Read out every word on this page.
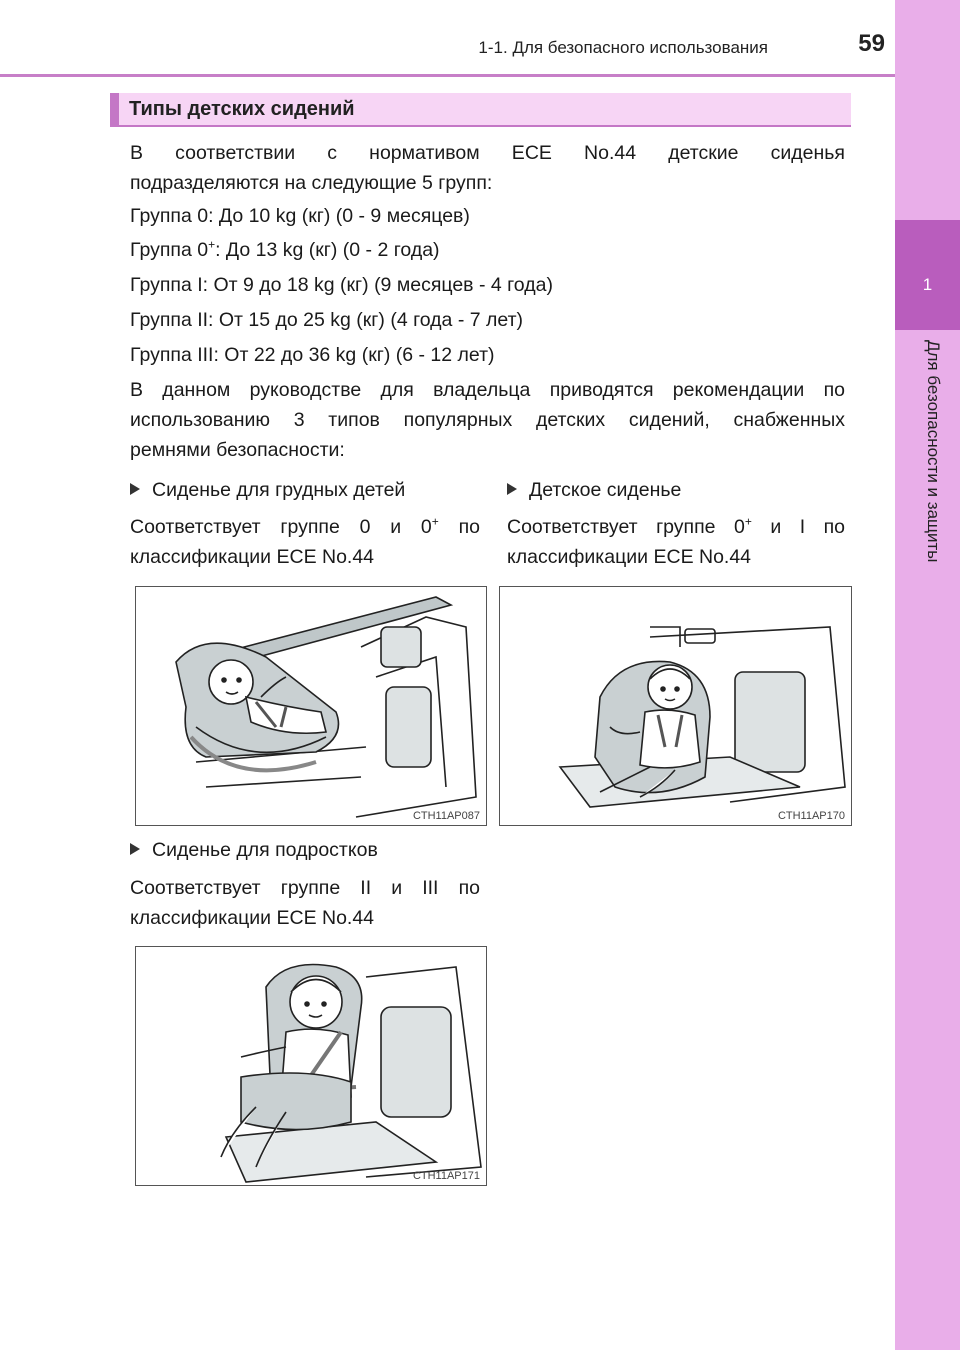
1-1. Для безопасного использования	59
1
Для безопасности и защиты
Типы детских сидений
В соответствии с нормативом ECE No.44 детские сиденья
подразделяются на следующие 5 групп:
Группа 0: До 10 kg (кг) (0 - 9 месяцев)
Группа 0+: До 13 kg (кг) (0 - 2 года)
Группа I: От 9 до 18 kg (кг) (9 месяцев - 4 года)
Группа II: От 15 до 25 kg (кг) (4 года - 7 лет)
Группа III: От 22 до 36 kg (кг) (6 - 12 лет)
В данном руководстве для владельца приводятся рекомендации по
использованию 3 типов популярных детских сидений, снабженных
ремнями безопасности:
Сиденье для грудных детей
Соответствует группе 0 и 0+ по
классификации ECE No.44
Детское сиденье
Соответствует группе 0+ и I по
классификации ECE No.44
CTH11AP087	CTH11AP170
Сиденье для подростков
Соответствует группе II и III по
классификации ECE No.44
CTH11AP171
